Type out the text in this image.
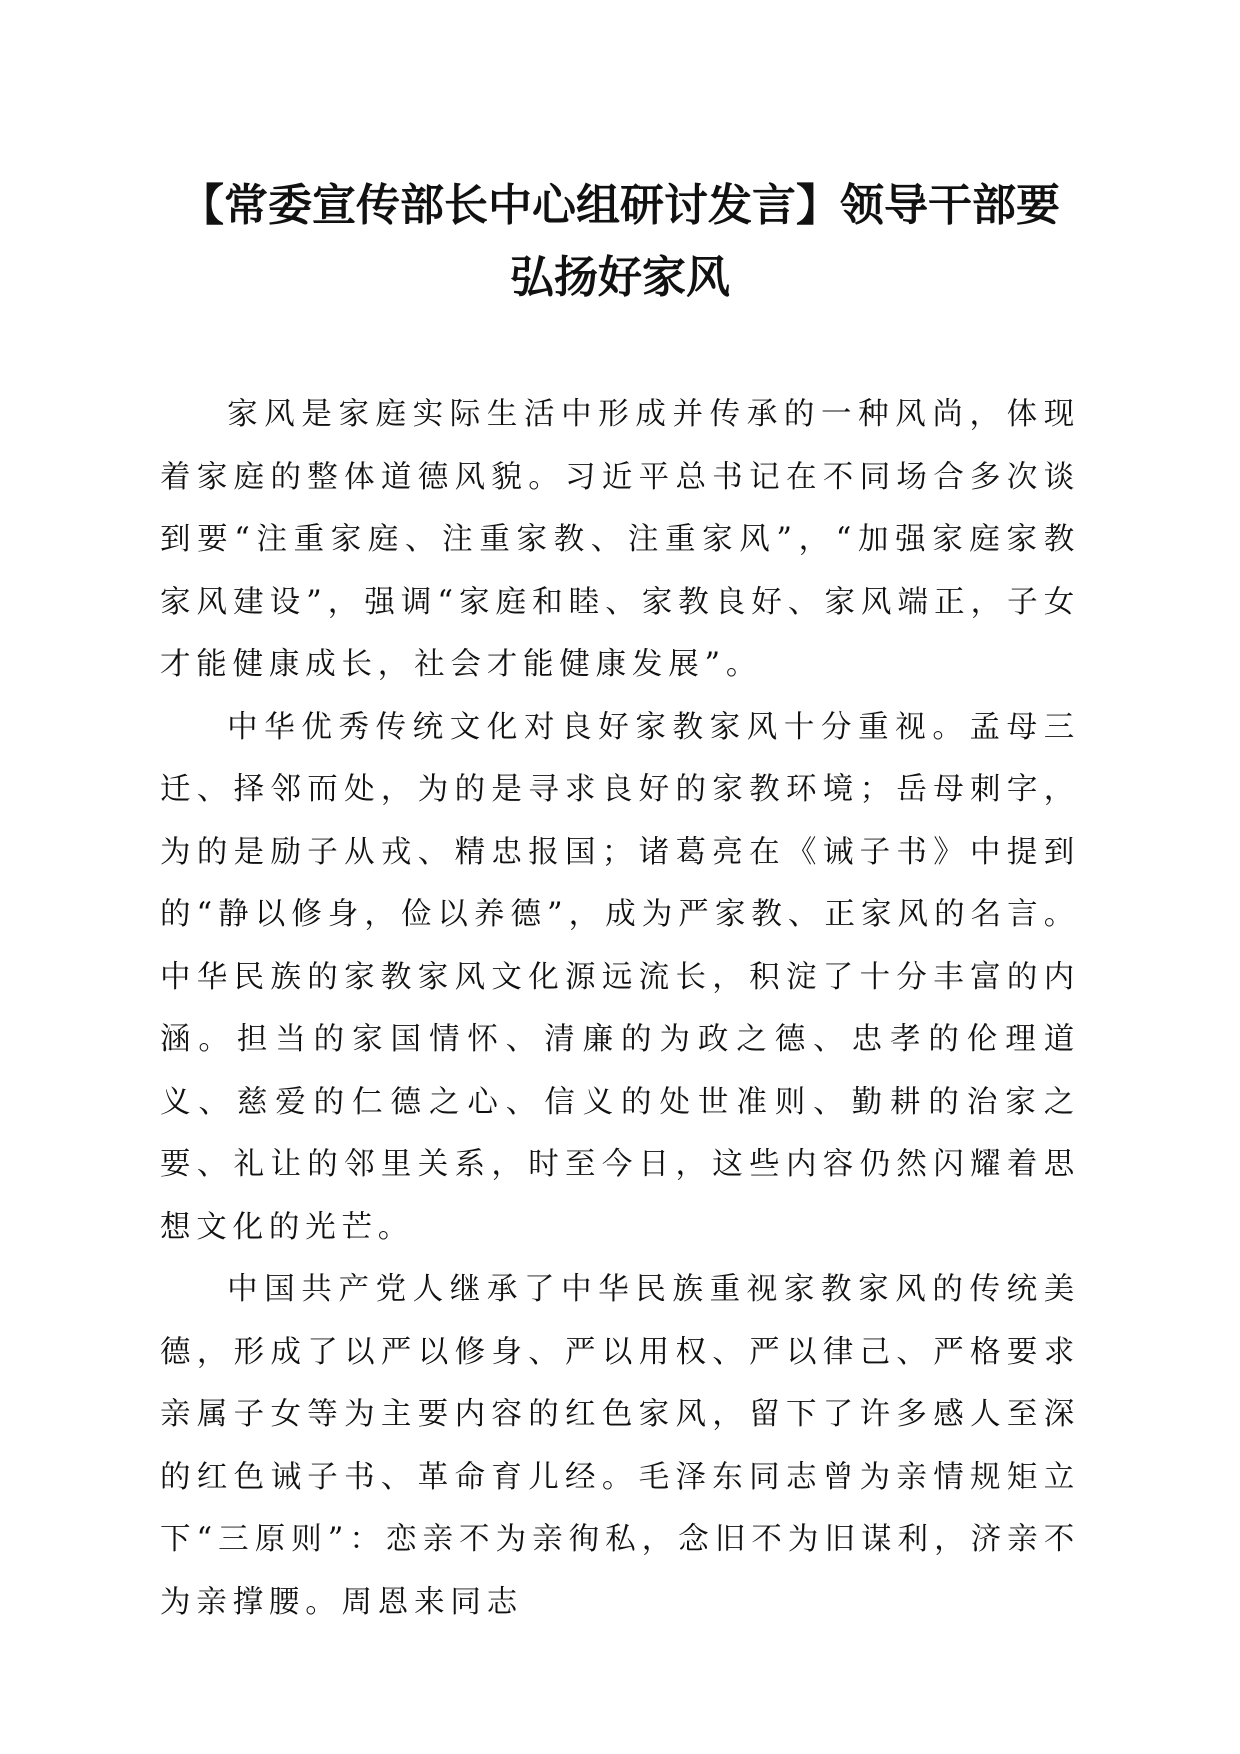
【常委宣传部长中心组研讨发言】领导干部要
弘扬好家风

家风是家庭实际生活中形成并传承的一种风尚，体现着家庭的整体道德风貌。习近平总书记在不同场合多次谈到要“注重家庭、注重家教、注重家风”，“加强家庭家教家风建设”，强调“家庭和睦、家教良好、家风端正，子女才能健康成长，社会才能健康发展”。

中华优秀传统文化对良好家教家风十分重视。孟母三迁、择邻而处，为的是寻求良好的家教环境；岳母刺字，为的是励子从戎、精忠报国；诸葛亮在《诫子书》中提到的“静以修身，俭以养德”，成为严家教、正家风的名言。中华民族的家教家风文化源远流长，积淀了十分丰富的内涵。担当的家国情怀、清廉的为政之德、忠孝的伦理道义、慈爱的仁德之心、信义的处世准则、勤耕的治家之要、礼让的邻里关系，时至今日，这些内容仍然闪耀着思想文化的光芒。

中国共产党人继承了中华民族重视家教家风的传统美德，形成了以严以修身、严以用权、严以律己、严格要求亲属子女等为主要内容的红色家风，留下了许多感人至深的红色诫子书、革命育儿经。毛泽东同志曾为亲情规矩立下“三原则”：恋亲不为亲徇私，念旧不为旧谋利，济亲不为亲撑腰。周恩来同志
